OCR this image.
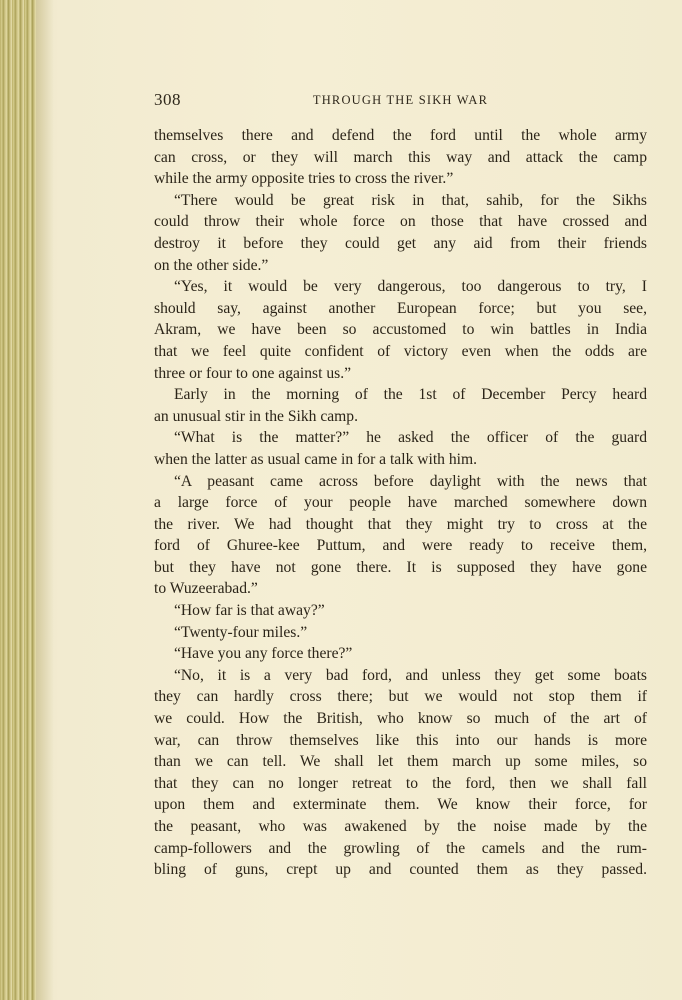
308	THROUGH THE SIKH WAR
themselves there and defend the ford until the whole army
can cross, or they will march this way and attack the camp
while the army opposite tries to cross the river.”
“There would be great risk in that, sahib, for the Sikhs
could throw their whole force on those that have crossed and
destroy it before they could get any aid from their friends
on the other side.”
“Yes, it would be very dangerous, too dangerous to try, I
should say, against another European force; but you see,
Akram, we have been so accustomed to win battles in India
that we feel quite confident of victory even when the odds are
three or four to one against us.”
Early in the morning of the 1st of December Percy heard
an unusual stir in the Sikh camp.
“What is the matter?” he asked the officer of the guard
when the latter as usual came in for a talk with him.
“A peasant came across before daylight with the news that
a large force of your people have marched somewhere down
the river. We had thought that they might try to cross at the
ford of Ghuree-kee Puttum, and were ready to receive them,
but they have not gone there. It is supposed they have gone
to Wuzeerabad.”
“How far is that away?”
“Twenty-four miles.”
“Have you any force there?”
“No, it is a very bad ford, and unless they get some boats
they can hardly cross there; but we would not stop them if
we could. How the British, who know so much of the art of
war, can throw themselves like this into our hands is more
than we can tell. We shall let them march up some miles, so
that they can no longer retreat to the ford, then we shall fall
upon them and exterminate them. We know their force, for
the peasant, who was awakened by the noise made by the
camp-followers and the growling of the camels and the rum-
bling of guns, crept up and counted them as they passed.
